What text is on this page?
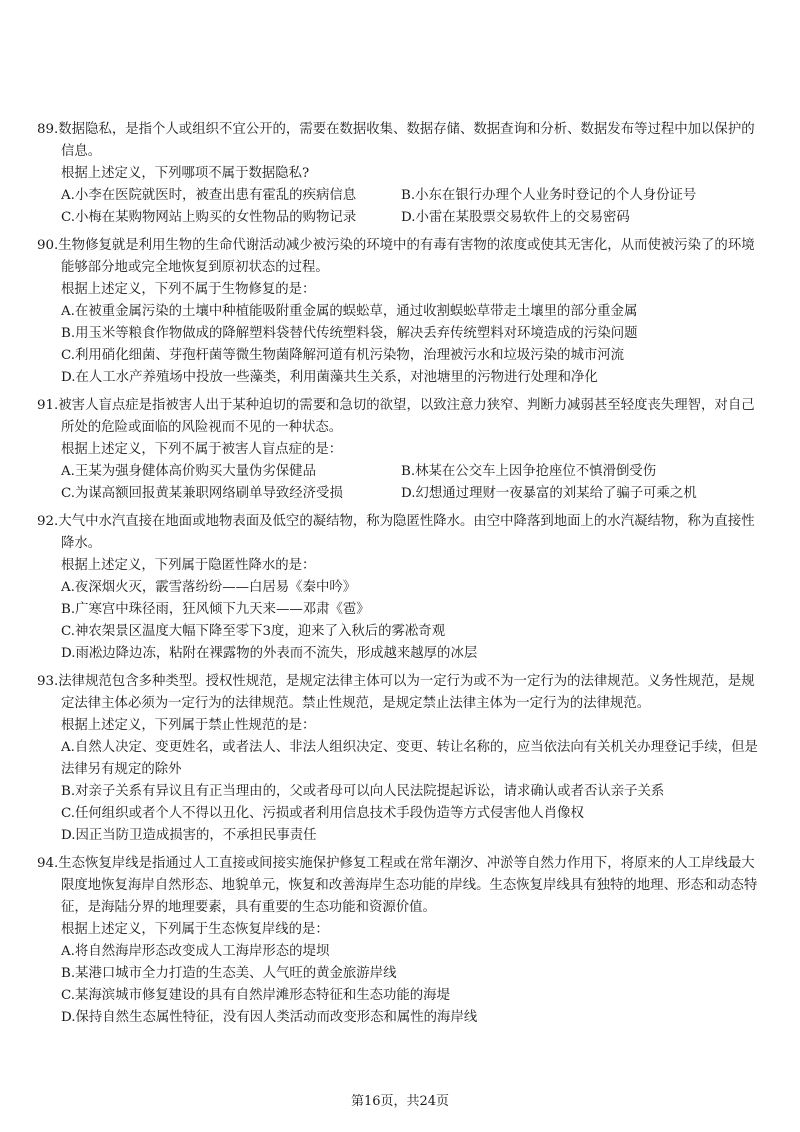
89.数据隐私，是指个人或组织不宜公开的，需要在数据收集、数据存储、数据查询和分析、数据发布等过程中加以保护的信息。
根据上述定义，下列哪项不属于数据隐私?
A.小李在医院就医时，被查出患有霍乱的疾病信息	B.小东在银行办理个人业务时登记的个人身份证号
C.小梅在某购物网站上购买的女性物品的购物记录	D.小雷在某股票交易软件上的交易密码
90.生物修复就是利用生物的生命代谢活动减少被污染的环境中的有毒有害物的浓度或使其无害化，从而使被污染了的环境能够部分地或完全地恢复到原初状态的过程。
根据上述定义，下列不属于生物修复的是：
A.在被重金属污染的土壤中种植能吸附重金属的蜈蚣草，通过收割蜈蚣草带走土壤里的部分重金属
B.用玉米等粮食作物做成的降解塑料袋替代传统塑料袋，解决丢弃传统塑料对环境造成的污染问题
C.利用硝化细菌、芽孢杆菌等微生物菌降解河道有机污染物，治理被污水和垃圾污染的城市河流
D.在人工水产养殖场中投放一些藻类，利用菌藻共生关系，对池塘里的污物进行处理和净化
91.被害人盲点症是指被害人出于某种迫切的需要和急切的欲望，以致注意力狭窄、判断力减弱甚至轻度丧失理智，对自己所处的危险或面临的风险视而不见的一种状态。
根据上述定义，下列不属于被害人盲点症的是：
A.王某为强身健体高价购买大量伪劣保健品	B.林某在公交车上因争抢座位不慎滑倒受伤
C.为谋高额回报黄某兼职网络刷单导致经济受损	D.幻想通过理财一夜暴富的刘某给了骗子可乘之机
92.大气中水汽直接在地面或地物表面及低空的凝结物，称为隐匿性降水。由空中降落到地面上的水汽凝结物，称为直接性降水。
根据上述定义，下列属于隐匿性降水的是：
A.夜深烟火灭，霰雪落纷纷——白居易《秦中吟》
B.广寒宫中珠径雨，狂风倾下九天来——邓肃《雹》
C.神农架景区温度大幅下降至零下3度，迎来了入秋后的雾凇奇观
D.雨凇边降边冻，粘附在裸露物的外表而不流失，形成越来越厚的冰层
93.法律规范包含多种类型。授权性规范，是规定法律主体可以为一定行为或不为一定行为的法律规范。义务性规范，是规定法律主体必须为一定行为的法律规范。禁止性规范，是规定禁止法律主体为一定行为的法律规范。
根据上述定义，下列属于禁止性规范的是：
A.自然人决定、变更姓名，或者法人、非法人组织决定、变更、转让名称的，应当依法向有关机关办理登记手续，但是法律另有规定的除外
B.对亲子关系有异议且有正当理由的，父或者母可以向人民法院提起诉讼，请求确认或者否认亲子关系
C.任何组织或者个人不得以丑化、污损或者利用信息技术手段伪造等方式侵害他人肖像权
D.因正当防卫造成损害的，不承担民事责任
94.生态恢复岸线是指通过人工直接或间接实施保护修复工程或在常年潮汐、冲淤等自然力作用下，将原来的人工岸线最大限度地恢复海岸自然形态、地貌单元，恢复和改善海岸生态功能的岸线。生态恢复岸线具有独特的地理、形态和动态特征，是海陆分界的地理要素，具有重要的生态功能和资源价值。
根据上述定义，下列属于生态恢复岸线的是：
A.将自然海岸形态改变成人工海岸形态的堤坝
B.某港口城市全力打造的生态美、人气旺的黄金旅游岸线
C.某海滨城市修复建设的具有自然岸滩形态特征和生态功能的海堤
D.保持自然生态属性特征，没有因人类活动而改变形态和属性的海岸线
第16页，共24页
